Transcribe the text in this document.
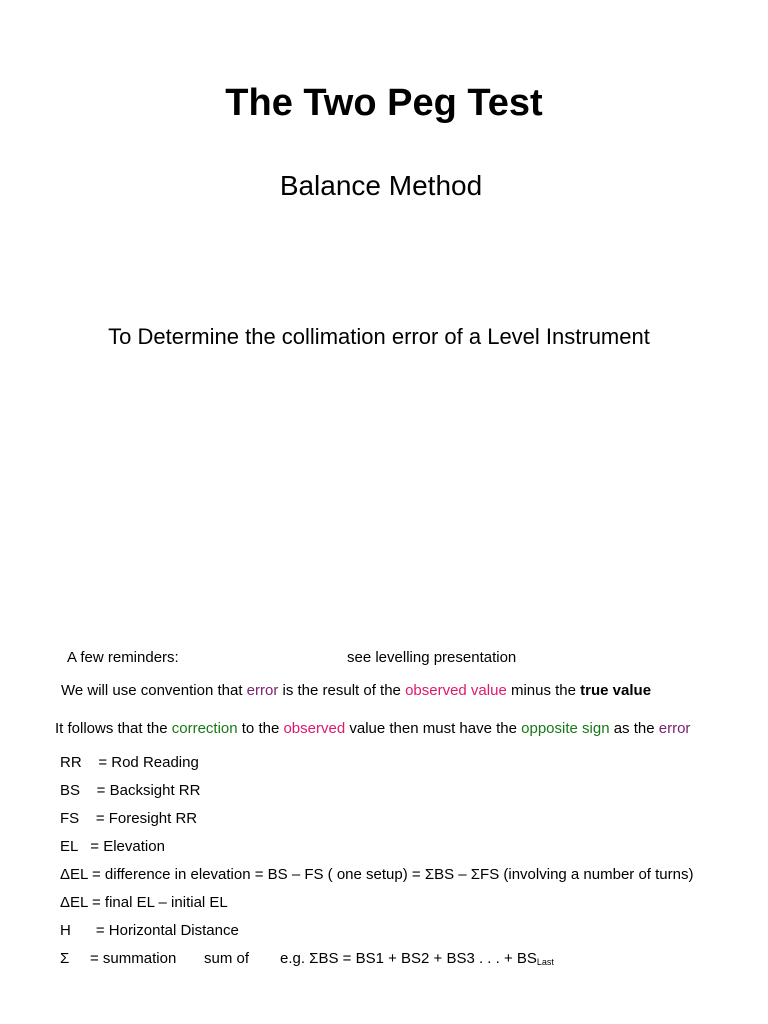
The Two Peg Test
Balance Method
To Determine the collimation error of a Level Instrument
A few reminders:	see levelling presentation
We will use convention that error is the result of the observed value minus the true value
It follows that the correction to the observed value then must have the opposite sign as the error
RR    = Rod Reading
BS    = Backsight RR
FS    = Foresight RR
EL   = Elevation
ΔEL = difference in elevation = BS – FS ( one setup) = ΣBS – ΣFS (involving a number of turns)
ΔEL = final EL – initial EL
H      = Horizontal Distance
Σ = summation sum of e.g. ΣBS = BS1 + BS2 + BS3 . . . + $BS_{Last}$
